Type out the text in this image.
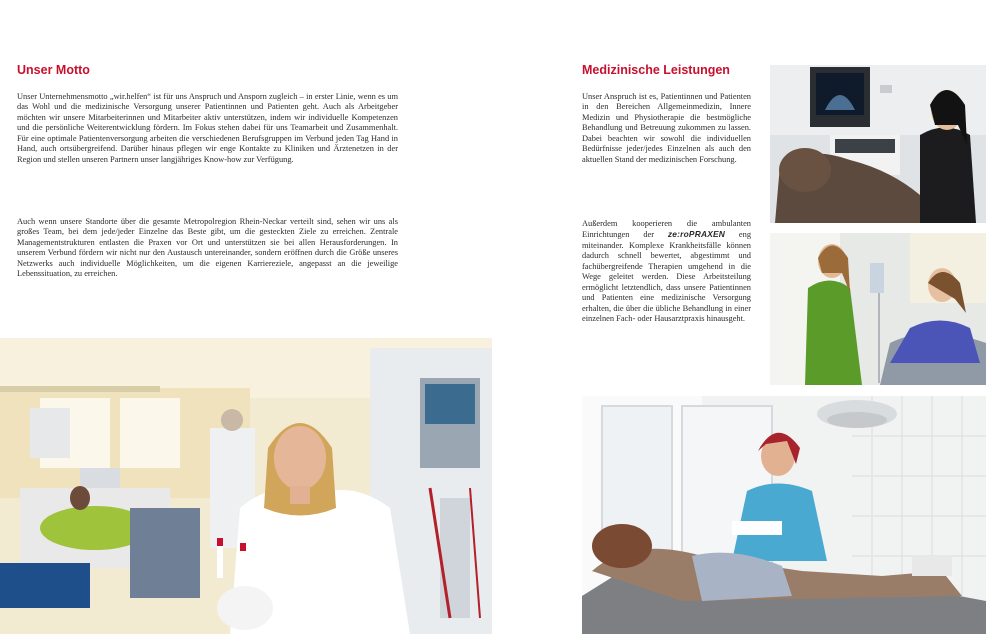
Unser Motto

Unser Unternehmensmotto „wir.helfen“ ist für uns Anspruch und Ansporn zugleich – in erster Linie, wenn es um das Wohl und die medizinische Versorgung unserer Patientinnen und Patienten geht. Auch als Arbeitgeber möchten wir unsere Mitarbeiterinnen und Mitarbeiter aktiv unterstützen, indem wir individuelle Kompetenzen und die persönliche Weiterentwicklung fördern. Im Fokus stehen dabei für uns Teamarbeit und Zusammenhalt. Für eine optimale Patientenversorgung arbeiten die verschiedenen Berufsgruppen im Verbund jeden Tag Hand in Hand, auch ortsübergreifend. Darüber hinaus pflegen wir enge Kontakte zu Kliniken und Ärztenetzen in der Region und stellen unseren Partnern unser langjähriges Know-how zur Verfügung.

Auch wenn unsere Standorte über die gesamte Metropolregion Rhein-Neckar verteilt sind, sehen wir uns als großes Team, bei dem jede/jeder Einzelne das Beste gibt, um die gesteckten Ziele zu erreichen. Zentrale Managementstrukturen entlasten die Praxen vor Ort und unterstützen sie bei allen Herausforderungen. In unserem Verbund fördern wir nicht nur den Austausch untereinander, sondern eröffnen durch die Größe unseres Netzwerks auch individuelle Möglichkeiten, um die eigenen Karriereziele, angepasst an die jeweilige Lebenssituation, zu erreichen.

Medizinische Leistungen

Unser Anspruch ist es, Patientinnen und Patienten in den Bereichen Allgemeinmedizin, Innere Medizin und Physiotherapie die bestmögliche Behandlung und Betreuung zukommen zu lassen. Dabei beachten wir sowohl die individuellen Bedürfnisse jeder/jedes Einzelnen als auch den aktuellen Stand der medizinischen Forschung.

Außerdem kooperieren die ambulanten Einrichtungen der ze:roPRAXEN eng miteinander. Komplexe Krankheitsfälle können dadurch schnell bewertet, abgestimmt und fachübergreifende Therapien umgehend in die Wege geleitet werden. Diese Arbeitsteilung ermöglicht letztendlich, dass unsere Patientinnen und Patienten eine medizinische Versorgung erhalten, die über die übliche Behandlung in einer einzelnen Fach- oder Hausarztpraxis hinausgeht.
